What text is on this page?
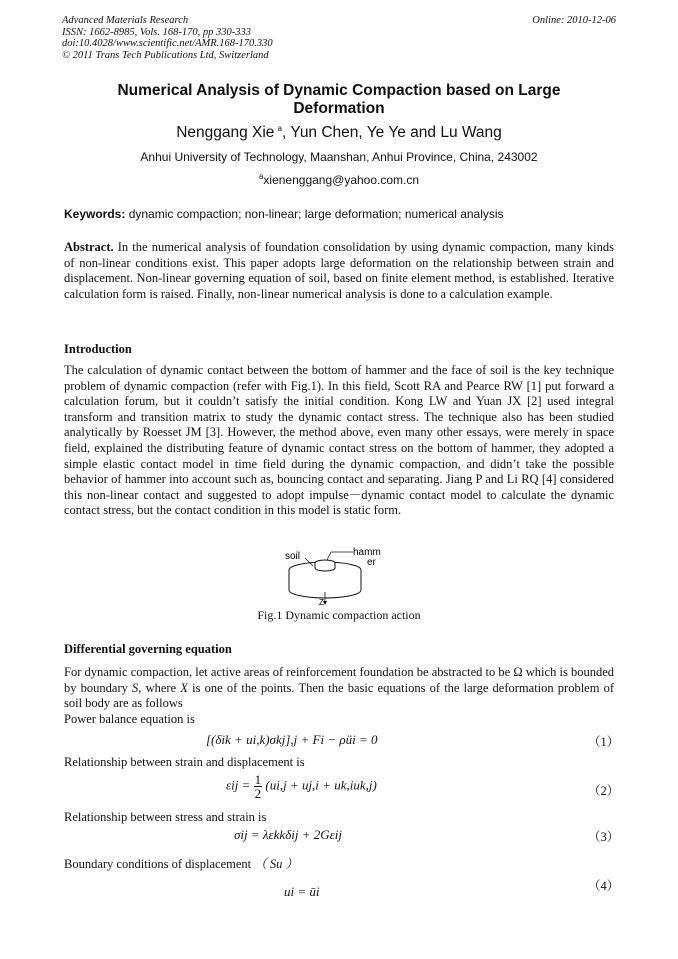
Advanced Materials Research
ISSN: 1662-8985, Vols. 168-170, pp 330-333
doi:10.4028/www.scientific.net/AMR.168-170.330
© 2011 Trans Tech Publications Ltd, Switzerland
Online: 2010-12-06
Numerical Analysis of Dynamic Compaction based on Large Deformation
Nenggang Xie  $^a$, Yun Chen, Ye Ye and Lu Wang
Anhui University of Technology, Maanshan, Anhui Province, China, 243002
$^a$xienenggang@yahoo.com.cn
Keywords: dynamic compaction; non-linear; large deformation; numerical analysis

Abstract. In the numerical analysis of foundation consolidation by using dynamic compaction, many kinds of non-linear conditions exist. This paper adopts large deformation on the relationship between strain and displacement. Non-linear governing equation of soil, based on finite element method, is established. Iterative calculation form is raised. Finally, non-linear numerical analysis is done to a calculation example.

Introduction

The calculation of dynamic contact between the bottom of hammer and the face of soil is the key technique problem of dynamic compaction (refer with Fig.1). In this field, Scott RA and Pearce RW [1] put forward a calculation forum, but it couldn’t satisfy the initial condition. Kong LW and Yuan JX [2] used integral transform and transition matrix to study the dynamic contact stress. The technique also has been studied analytically by Roesset JM [3]. However, the method above, even many other essays, were merely in space field, explained the distributing feature of dynamic contact stress on the bottom of hammer, they adopted a simple elastic contact model in time field during the dynamic compaction, and didn’t take the possible behavior of hammer into account such as, bouncing contact and separating. Jiang P and Li RQ [4] considered this non-linear contact and suggested to adopt impulse－dynamic contact model to calculate the dynamic contact stress, but the contact condition in this model is static form.

soil	hamm
er
Z
Fig.1 Dynamic compaction action
Differential governing equation

For dynamic compaction, let active areas of reinforcement foundation be abstracted to be Ω which is bounded by boundary S, where X is one of the points. Then the basic equations of the large deformation problem of soil body are as follows

Power balance equation is
[(δik + ui,k)σkj],j + Fi − ρüi = 0	（1）
Relationship between strain and displacement is
$\varepsilon ij = \frac{1}{2} (ui,j + uj,i + uk,iuk,j)$	（2）
Relationship between stress and strain is
σij = λεkkδij + 2Gεij	（3）
Boundary conditions of displacement （ Su ）
ui = ūi	（4）
